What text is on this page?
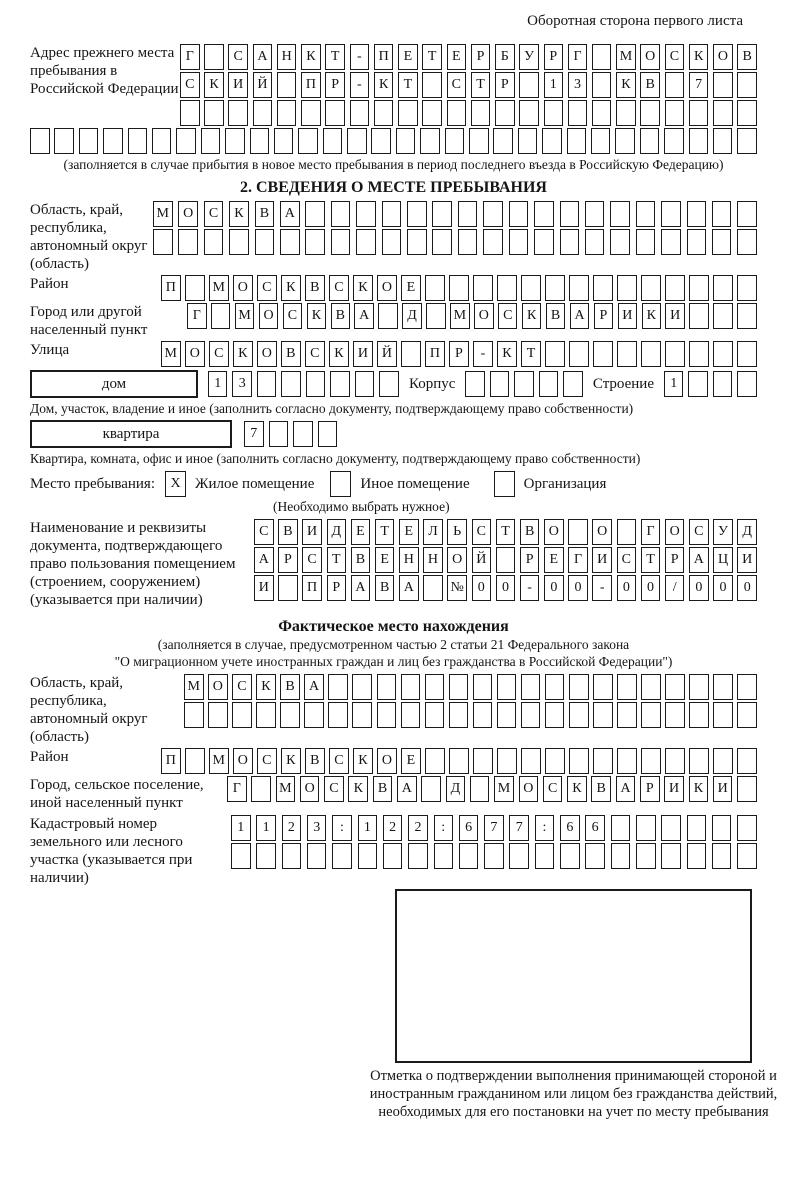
Оборотная сторона первого листа
Адрес прежнего места пребывания в Российской Федерации
Г	С	А	Н	К	Т	-	П	Е	Т	Е	Р	Б	У	Р	Г	М О	С	К	О	В
С	К	И	Й	П	Р	-	К	Т	С	Т	Р	1	3	К	В	7
(заполняется в случае прибытия в новое место пребывания в период последнего въезда в Российскую Федерацию)
2. СВЕДЕНИЯ О МЕСТЕ ПРЕБЫВАНИЯ
Область, край, республика, автономный округ (область)
М	О	С	К	В	А
Район	П	М О	С	К	В	С	К	О	Е
Город или другой населенный пункт
Г	М О	С	К	В	А	Д	М О	С	К	В	А	Р	И	К	И
Улица	М О	С	К	О	В	С	К	И Й	П	Р	-	К	Т
дом	1	3	Корпус	Строение	1
Дом, участок, владение и иное (заполнить согласно документу, подтверждающему право собственности)
квартира	7
Квартира, комната, офис и иное (заполнить согласно документу, подтверждающему право собственности)
Место пребывания:	X Жилое помещение	Иное помещение	Организация
(Необходимо выбрать нужное)
Наименование и реквизиты документа, подтверждающего право пользования помещением (строением, сооружением) (указывается при наличии)
С	В	И	Д	Е	Т	Е	Л	Ь	С	Т	В	О	О	Г	О	С	У	Д
А	Р	С	Т	В	Е	Н	Н	О	Й	Р	Е	Г	И	С	Т	Р	А	Ц	И
И	П	Р	А	В	А	№	0	0	-	0	0	-	0	0	/	0	0	0
Фактическое место нахождения
(заполняется в случае, предусмотренном частью 2 статьи 21 Федерального закона
"О миграционном учете иностранных граждан и лиц без гражданства в Российской Федерации")
Область, край, республика, автономный округ (область)
М О	С	К	В	А
Район	П	М О	С	К	В	С	К	О	Е
Город, сельское поселение, иной населенный пункт
Г	М О	С	К	В	А	Д	М О	С	К	В	А	Р	И	К	И
Кадастровый номер земельного или лесного участка (указывается при наличии)
1	1	2	3	:	1	2	2	:	6	7	7	:	6	6
Отметка о подтверждении выполнения принимающей стороной и иностранным гражданином или лицом без гражданства действий, необходимых для его постановки на учет по месту пребывания
